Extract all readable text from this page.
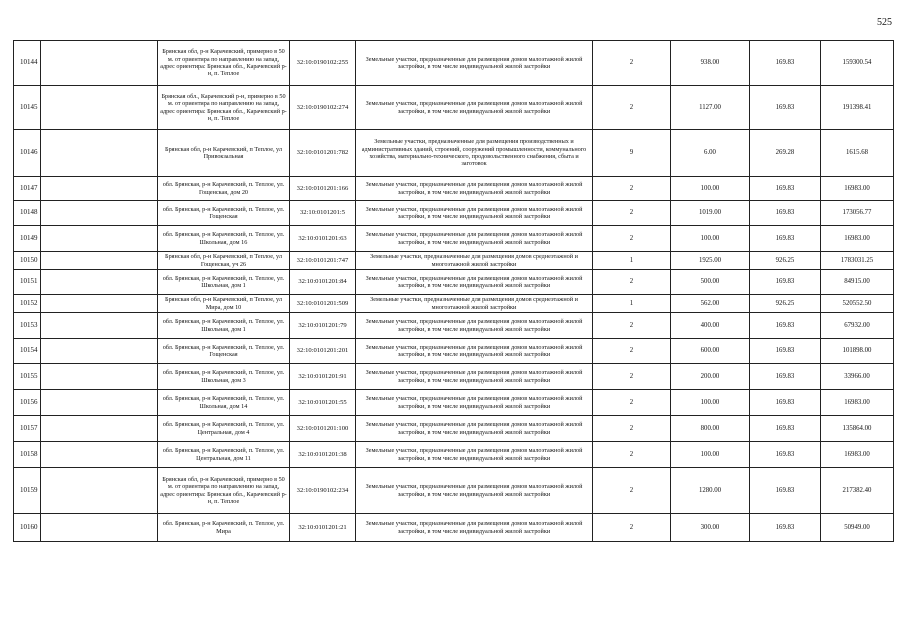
525
10144		Брянская обл, р-н Карачевский, примерно в 50 м. от ориентира по направлению на запад, адрес ориентира: Брянская обл., Карачевский р-н, п. Теплое	32:10:0190102:255	Земельные участки, предназначенные для размещения домов малоэтажной жилой застройки, в том числе индивидуальной жилой застройки	2	938.00	169.83	159300.54
10145		Брянская обл., Карачевский р-н, примерно в 50 м. от ориентира по направлению на запад, адрес ориентира: Брянская обл., Карачевский р-н, п. Теплое	32:10:0190102:274	Земельные участки, предназначенные для размещения домов малоэтажной жилой застройки, в том числе индивидуальной жилой застройки	2	1127.00	169.83	191398.41
10146		Брянская обл, р-н Карачевский, п Теплое, ул Привокзальная	32:10:0101201:782	Земельные участки, предназначенные для размещения производственных и административных зданий, строений, сооружений промышленности, коммунального хозяйства, материально-технического, продовольственного снабжения, сбыта и заготовок	9	6.00	269.28	1615.68
10147		обл. Брянская, р-н Карачевский, п. Теплое, ул. Гощенская, дом 20	32:10:0101201:166	Земельные участки, предназначенные для размещения домов малоэтажной жилой застройки, в том числе индивидуальной жилой застройки	2	100.00	169.83	16983.00
10148		обл. Брянская, р-н Карачевский, п. Теплое, ул. Гощенская	32:10:0101201:5	Земельные участки, предназначенные для размещения домов малоэтажной жилой застройки, в том числе индивидуальной жилой застройки	2	1019.00	169.83	173056.77
10149		обл. Брянская, р-н Карачевский, п. Теплое, ул. Школьная, дом 16	32:10:0101201:63	Земельные участки, предназначенные для размещения домов малоэтажной жилой застройки, в том числе индивидуальной жилой застройки	2	100.00	169.83	16983.00
10150		Брянская обл, р-н Карачевский, п Теплое, ул Гощенская, уч 26	32:10:0101201:747	Земельные участки, предназначенные для размещения домов среднеэтажной и многоэтажной жилой застройки	1	1925.00	926.25	1783031.25
10151		обл. Брянская, р-н Карачевский, п. Теплое, ул. Школьная, дом 1	32:10:0101201:84	Земельные участки, предназначенные для размещения домов малоэтажной жилой застройки, в том числе индивидуальной жилой застройки	2	500.00	169.83	84915.00
10152		Брянская обл, р-н Карачевский, п Теплое, ул Мира, дом 10	32:10:0101201:509	Земельные участки, предназначенные для размещения домов среднеэтажной и многоэтажной жилой застройки	1	562.00	926.25	520552.50
10153		обл. Брянская, р-н Карачевский, п. Теплое, ул. Школьная, дом 1	32:10:0101201:79	Земельные участки, предназначенные для размещения домов малоэтажной жилой застройки, в том числе индивидуальной жилой застройки	2	400.00	169.83	67932.00
10154		обл. Брянская, р-н Карачевский, п. Теплое, ул. Гощенская	32:10:0101201:201	Земельные участки, предназначенные для размещения домов малоэтажной жилой застройки, в том числе индивидуальной жилой застройки	2	600.00	169.83	101898.00
10155		обл. Брянская, р-н Карачевский, п. Теплое, ул. Школьная, дом 3	32:10:0101201:91	Земельные участки, предназначенные для размещения домов малоэтажной жилой застройки, в том числе индивидуальной жилой застройки	2	200.00	169.83	33966.00
10156		обл. Брянская, р-н Карачевский, п. Теплое, ул. Школьная, дом 14	32:10:0101201:55	Земельные участки, предназначенные для размещения домов малоэтажной жилой застройки, в том числе индивидуальной жилой застройки	2	100.00	169.83	16983.00
10157		обл. Брянская, р-н Карачевский, п. Теплое, ул. Центральная, дом 4	32:10:0101201:100	Земельные участки, предназначенные для размещения домов малоэтажной жилой застройки, в том числе индивидуальной жилой застройки	2	800.00	169.83	135864.00
10158		обл. Брянская, р-н Карачевский, п. Теплое, ул. Центральная, дом 11	32:10:0101201:38	Земельные участки, предназначенные для размещения домов малоэтажной жилой застройки, в том числе индивидуальной жилой застройки	2	100.00	169.83	16983.00
10159		Брянская обл, р-н Карачевский, примерно в 50 м. от ориентира по направлению на запад, адрес ориентира: Брянская обл., Карачевский р-н, п. Теплое	32:10:0190102:234	Земельные участки, предназначенные для размещения домов малоэтажной жилой застройки, в том числе индивидуальной жилой застройки	2	1280.00	169.83	217382.40
10160		обл. Брянская, р-н Карачевский, п. Теплое, ул. Мира	32:10:0101201:21	Земельные участки, предназначенные для размещения домов малоэтажной жилой застройки, в том числе индивидуальной жилой застройки	2	300.00	169.83	50949.00
